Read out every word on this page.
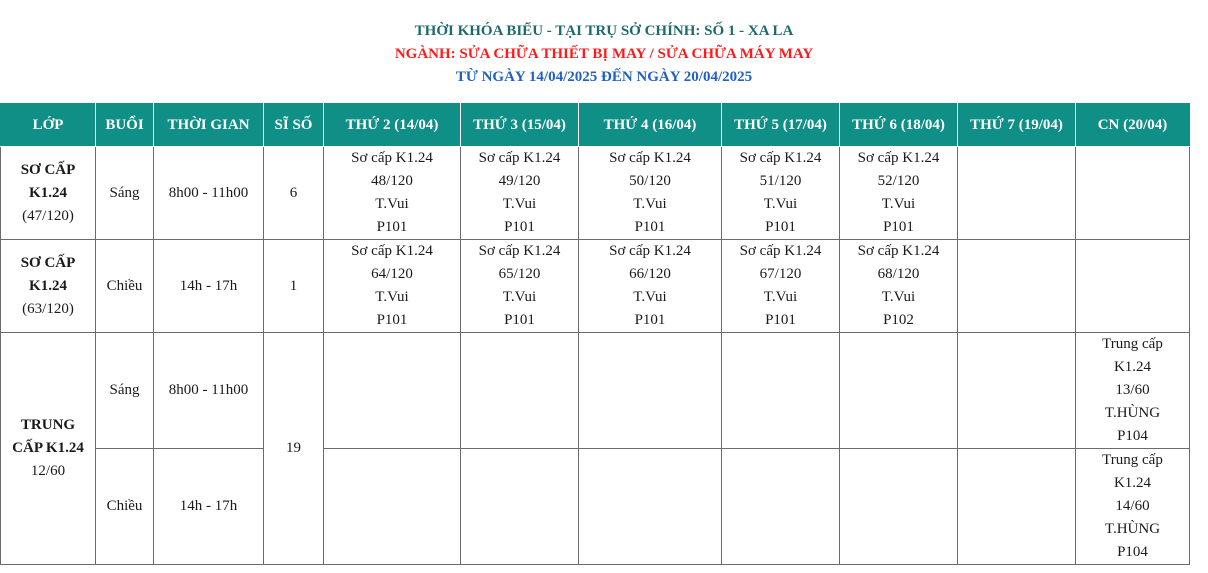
THỜI KHÓA BIỂU - TẠI TRỤ SỞ CHÍNH: SỐ 1 - XA LA
NGÀNH: SỬA CHỮA THIẾT BỊ MAY / SỬA CHỮA MÁY MAY
TỪ NGÀY 14/04/2025 ĐẾN NGÀY 20/04/2025
LỚP	BUỔI	THỜI GIAN	SĨ SỐ	THỨ 2 (14/04)	THỨ 3 (15/04)	THỨ 4 (16/04)	THỨ 5 (17/04)	THỨ 6 (18/04)	THỨ 7 (19/04)	CN (20/04)

SƠ CẤP
K1.24
(47/120)	Sáng	8h00 - 11h00	6	Sơ cấp K1.24
48/120
T.Vui
P101	Sơ cấp K1.24
49/120
T.Vui
P101	Sơ cấp K1.24
50/120
T.Vui
P101	Sơ cấp K1.24
51/120
T.Vui
P101	Sơ cấp K1.24
52/120
T.Vui
P101		

SƠ CẤP
K1.24
(63/120)	Chiều	14h - 17h	1	Sơ cấp K1.24
64/120
T.Vui
P101	Sơ cấp K1.24
65/120
T.Vui
P101	Sơ cấp K1.24
66/120
T.Vui
P101	Sơ cấp K1.24
67/120
T.Vui
P101	Sơ cấp K1.24
68/120
T.Vui
P102		

TRUNG
CẤP K1.24
12/60	Sáng	8h00 - 11h00	19							Trung cấp
K1.24
13/60
T.HÙNG
P104

	Chiều	14h - 17h								Trung cấp
K1.24
14/60
T.HÙNG
P104
